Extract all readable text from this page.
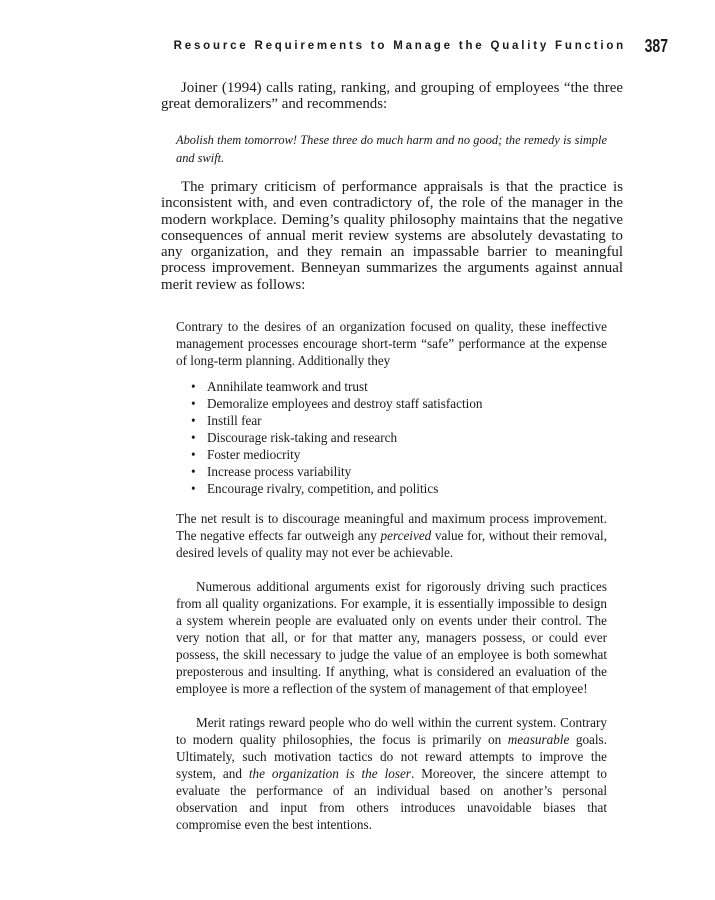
Resource Requirements to Manage the Quality Function 387

Joiner (1994) calls rating, ranking, and grouping of employees “the three great demoralizers” and recommends:

Abolish them tomorrow! These three do much harm and no good; the remedy is simple and swift.

The primary criticism of performance appraisals is that the practice is inconsistent with, and even contradictory of, the role of the manager in the modern workplace. Deming’s quality philosophy maintains that the negative consequences of annual merit review systems are absolutely devastating to any organization, and they remain an impassable barrier to meaningful process improvement. Benneyan summarizes the arguments against annual merit review as follows:

Contrary to the desires of an organization focused on quality, these ineffective management processes encourage short-term “safe” performance at the expense of long-term planning. Additionally they

• Annihilate teamwork and trust
• Demoralize employees and destroy staff satisfaction
• Instill fear
• Discourage risk-taking and research
• Foster mediocrity
• Increase process variability
• Encourage rivalry, competition, and politics

The net result is to discourage meaningful and maximum process improvement. The negative effects far outweigh any perceived value for, without their removal, desired levels of quality may not ever be achievable.

Numerous additional arguments exist for rigorously driving such practices from all quality organizations. For example, it is essentially impossible to design a system wherein people are evaluated only on events under their control. The very notion that all, or for that matter any, managers possess, or could ever possess, the skill necessary to judge the value of an employee is both somewhat preposterous and insulting. If anything, what is considered an evaluation of the employee is more a reflection of the system of management of that employee!

Merit ratings reward people who do well within the current system. Contrary to modern quality philosophies, the focus is primarily on measurable goals. Ultimately, such motivation tactics do not reward attempts to improve the system, and the organization is the loser. Moreover, the sincere attempt to evaluate the performance of an individual based on another’s personal observation and input from others introduces unavoidable biases that compromise even the best intentions.
